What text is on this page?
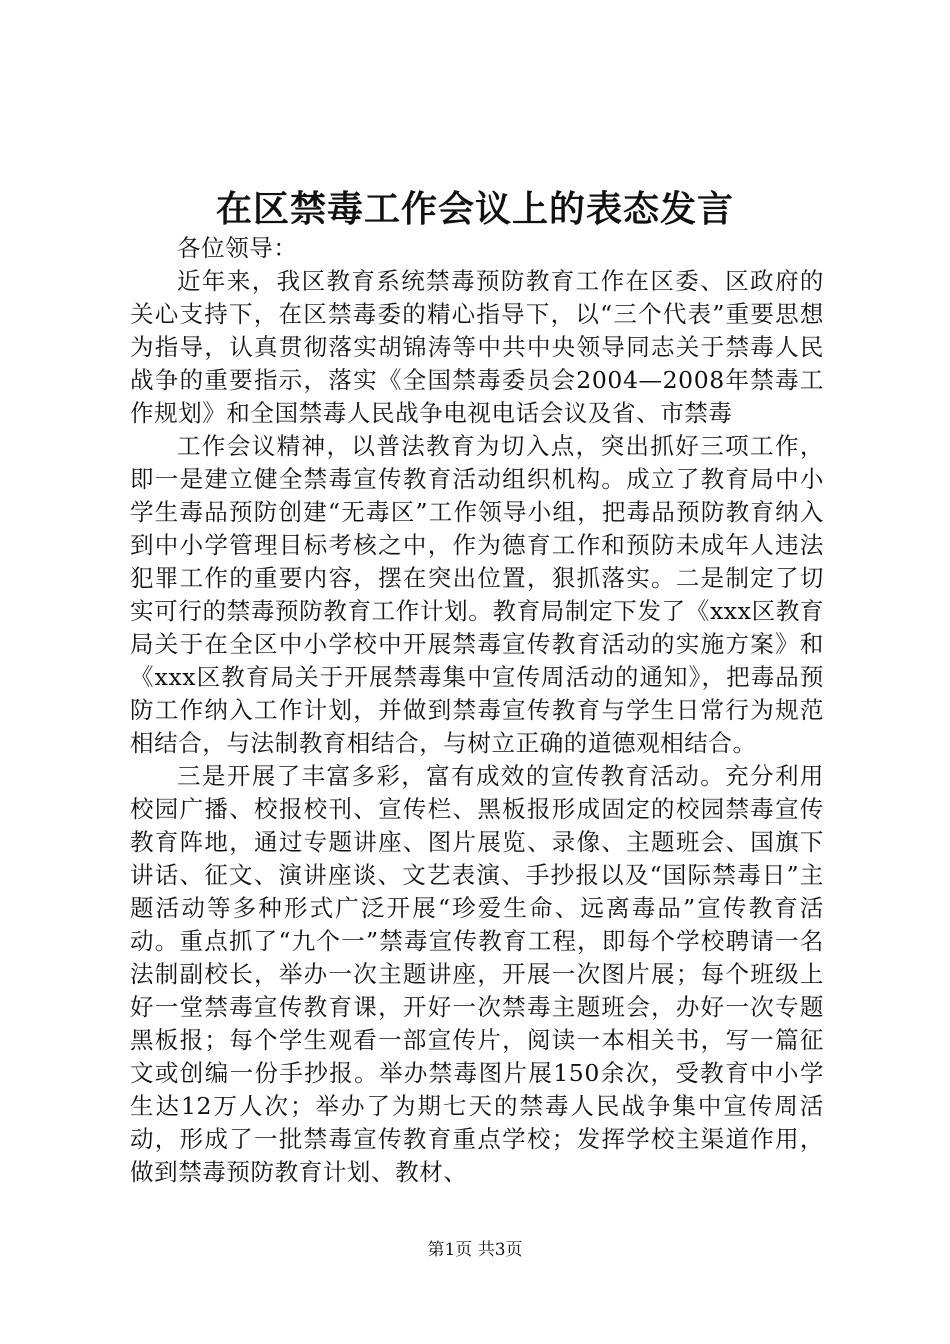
在区禁毒工作会议上的表态发言

各位领导：

近年来，我区教育系统禁毒预防教育工作在区委、区政府的关心支持下，在区禁毒委的精心指导下，以“三个代表”重要思想为指导，认真贯彻落实胡锦涛等中共中央领导同志关于禁毒人民战争的重要指示，落实《全国禁毒委员会2004—2008年禁毒工作规划》和全国禁毒人民战争电视电话会议及省、市禁毒

工作会议精神，以普法教育为切入点，突出抓好三项工作，即一是建立健全禁毒宣传教育活动组织机构。成立了教育局中小学生毒品预防创建“无毒区”工作领导小组，把毒品预防教育纳入到中小学管理目标考核之中，作为德育工作和预防未成年人违法犯罪工作的重要内容，摆在突出位置，狠抓落实。二是制定了切实可行的禁毒预防教育工作计划。教育局制定下发了《xxx区教育局关于在全区中小学校中开展禁毒宣传教育活动的实施方案》和《xxx区教育局关于开展禁毒集中宣传周活动的通知》，把毒品预防工作纳入工作计划，并做到禁毒宣传教育与学生日常行为规范相结合，与法制教育相结合，与树立正确的道德观相结合。

三是开展了丰富多彩，富有成效的宣传教育活动。充分利用校园广播、校报校刊、宣传栏、黑板报形成固定的校园禁毒宣传教育阵地，通过专题讲座、图片展览、录像、主题班会、国旗下讲话、征文、演讲座谈、文艺表演、手抄报以及“国际禁毒日”主题活动等多种形式广泛开展“珍爱生命、远离毒品”宣传教育活动。重点抓了“九个一”禁毒宣传教育工程，即每个学校聘请一名法制副校长，举办一次主题讲座，开展一次图片展；每个班级上好一堂禁毒宣传教育课，开好一次禁毒主题班会，办好一次专题黑板报；每个学生观看一部宣传片，阅读一本相关书，写一篇征文或创编一份手抄报。举办禁毒图片展150余次，受教育中小学生达12万人次；举办了为期七天的禁毒人民战争集中宣传周活动，形成了一批禁毒宣传教育重点学校；发挥学校主渠道作用，做到禁毒预防教育计划、教材、

第1页 共3页
